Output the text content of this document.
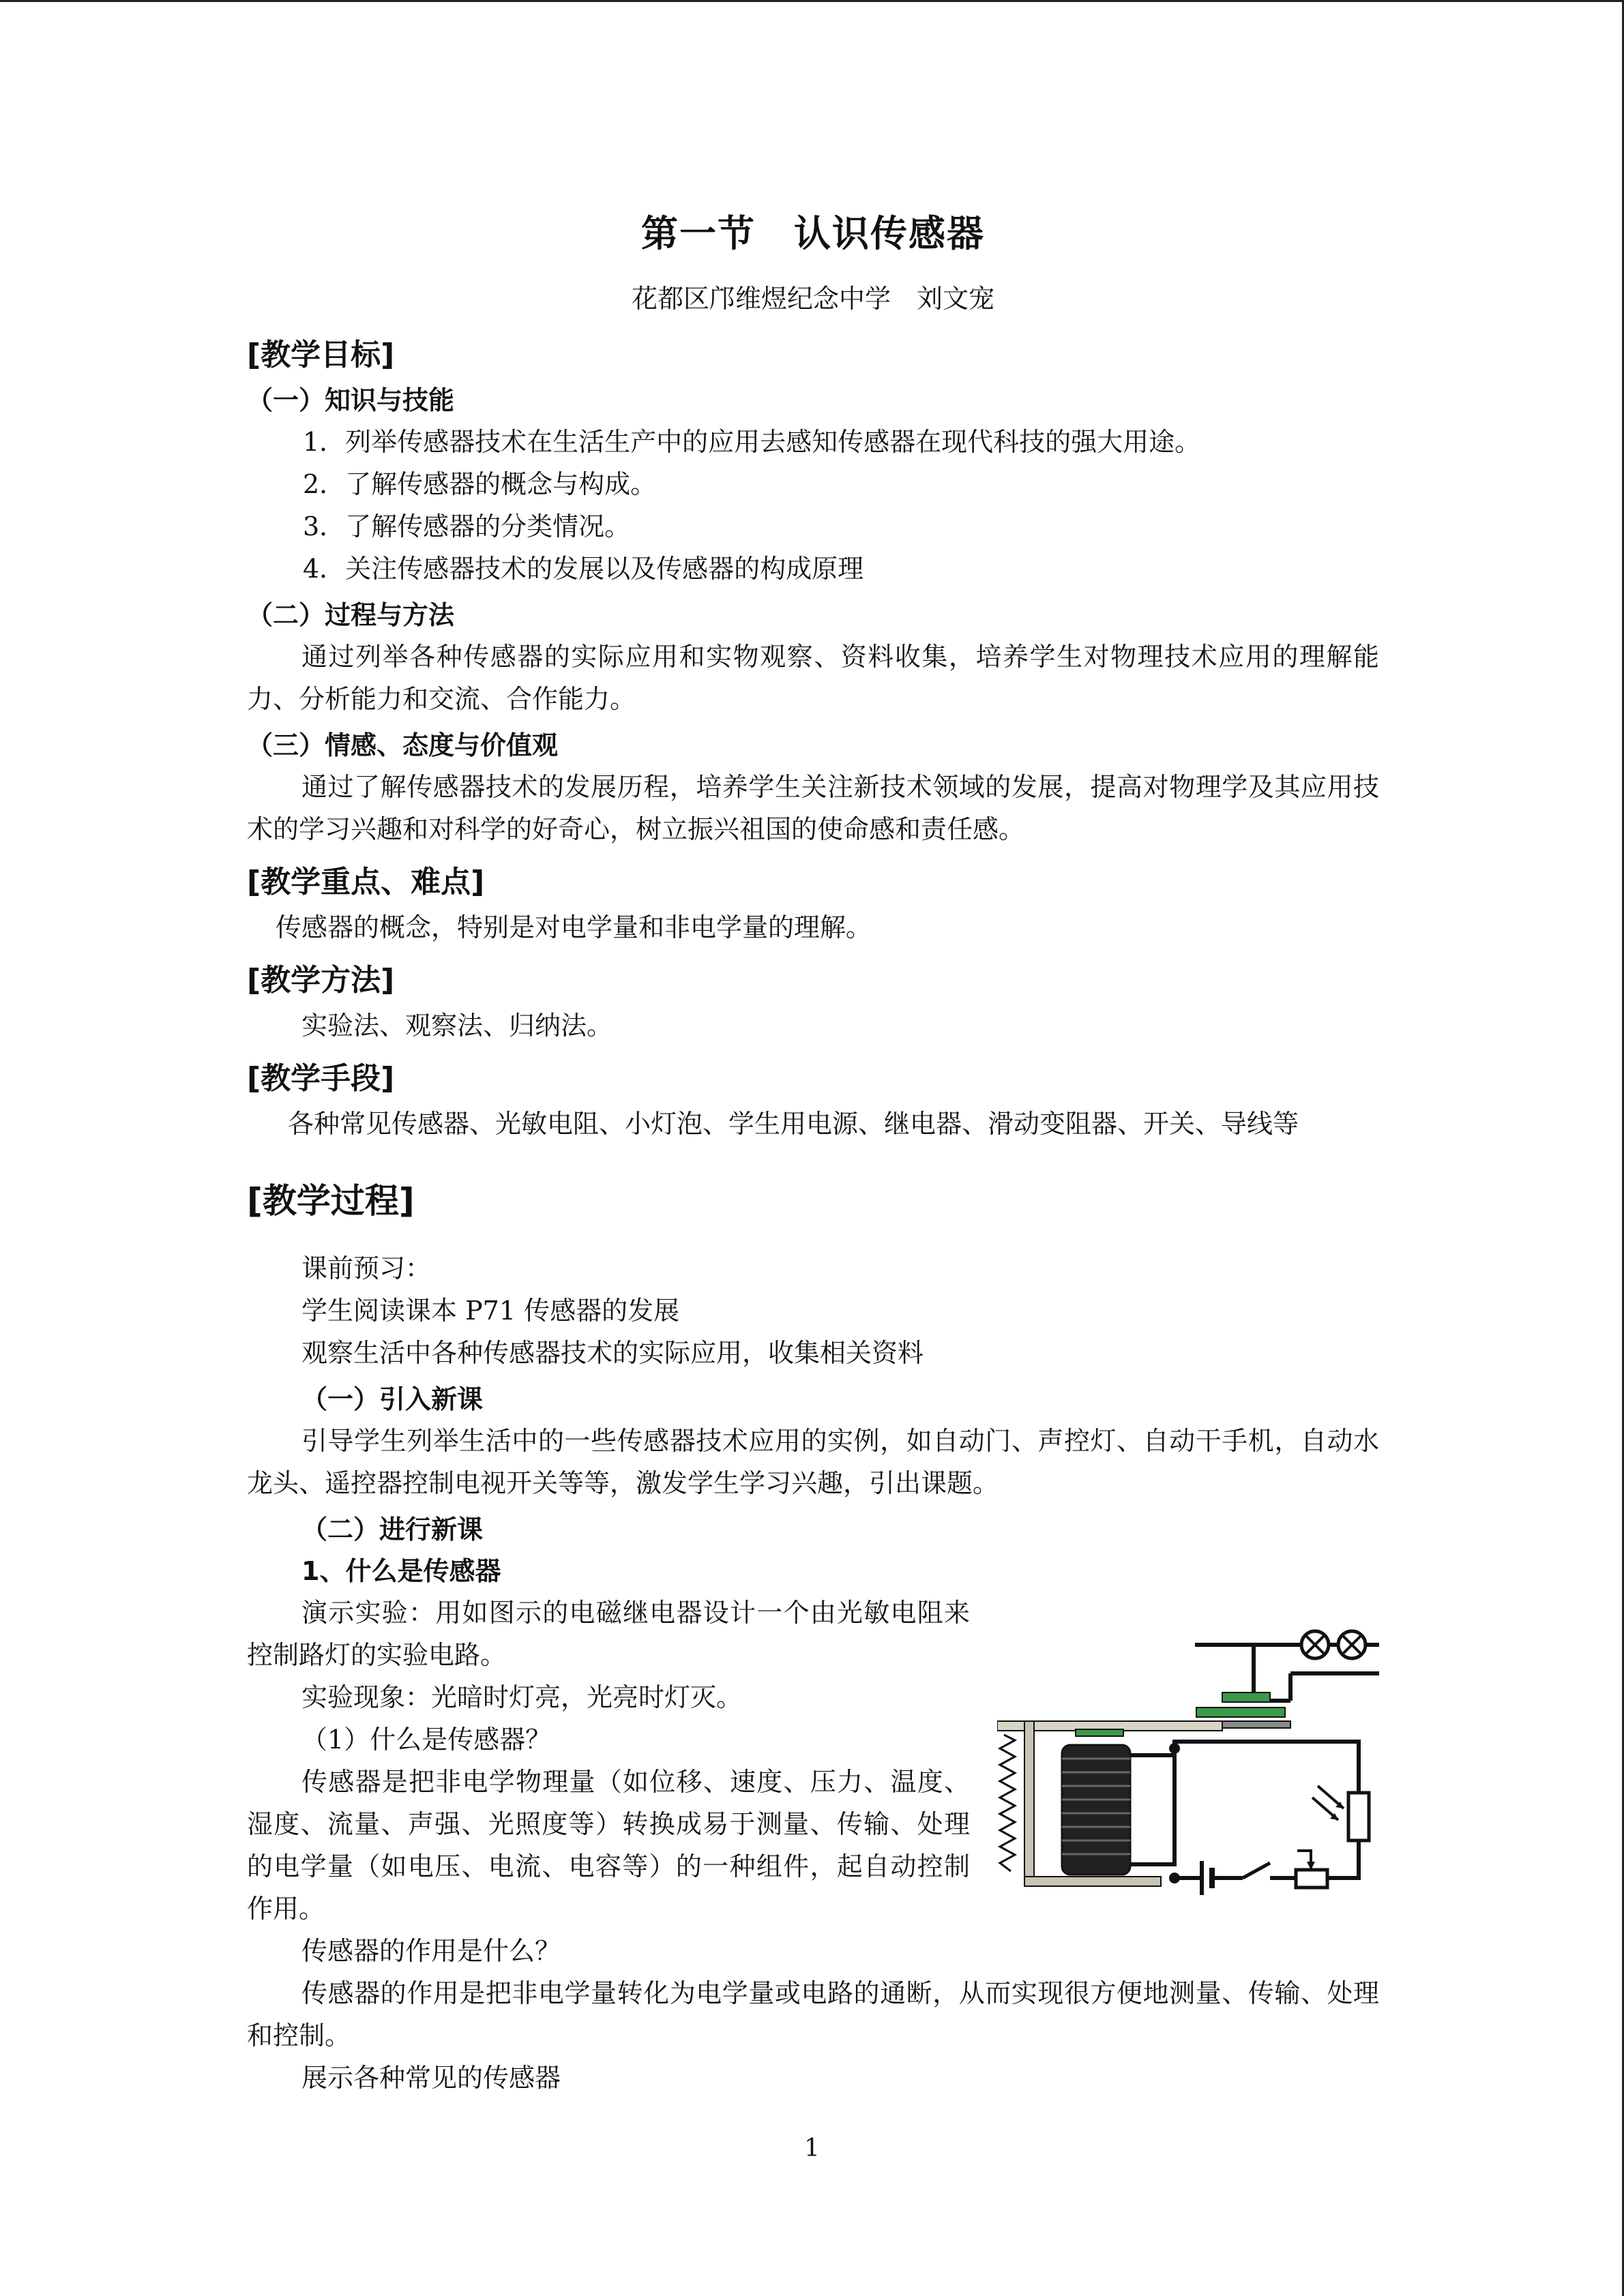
第一节　认识传感器
花都区邝维煜纪念中学　刘文宠
[教学目标]
（一）知识与技能

1．列举传感器技术在生活生产中的应用去感知传感器在现代科技的强大用途。

2．了解传感器的概念与构成。

3．了解传感器的分类情况。

4．关注传感器技术的发展以及传感器的构成原理

（二）过程与方法

通过列举各种传感器的实际应用和实物观察、资料收集，培养学生对物理技术应用的理解能力、分析能力和交流、合作能力。

（三）情感、态度与价值观

通过了解传感器技术的发展历程，培养学生关注新技术领域的发展，提高对物理学及其应用技术的学习兴趣和对科学的好奇心，树立振兴祖国的使命感和责任感。

[教学重点、难点]

传感器的概念，特别是对电学量和非电学量的理解。

[教学方法]

实验法、观察法、归纳法。

[教学手段]

各种常见传感器、光敏电阻、小灯泡、学生用电源、继电器、滑动变阻器、开关、导线等

[教学过程]

课前预习：

学生阅读课本 P71 传感器的发展

观察生活中各种传感器技术的实际应用，收集相关资料

（一）引入新课

引导学生列举生活中的一些传感器技术应用的实例，如自动门、声控灯、自动干手机，自动水龙头、遥控器控制电视开关等等，激发学生学习兴趣，引出课题。

（二）进行新课
1、什么是传感器

演示实验：用如图示的电磁继电器设计一个由光敏电阻来控制路灯的实验电路。

实验现象：光暗时灯亮，光亮时灯灭。

（1）什么是传感器？

传感器是把非电学物理量（如位移、速度、压力、温度、湿度、流量、声强、光照度等）转换成易于测量、传输、处理的电学量（如电压、电流、电容等）的一种组件，起自动控制作用。

传感器的作用是什么？

传感器的作用是把非电学量转化为电学量或电路的通断，从而实现很方便地测量、传输、处理和控制。

展示各种常见的传感器

1
